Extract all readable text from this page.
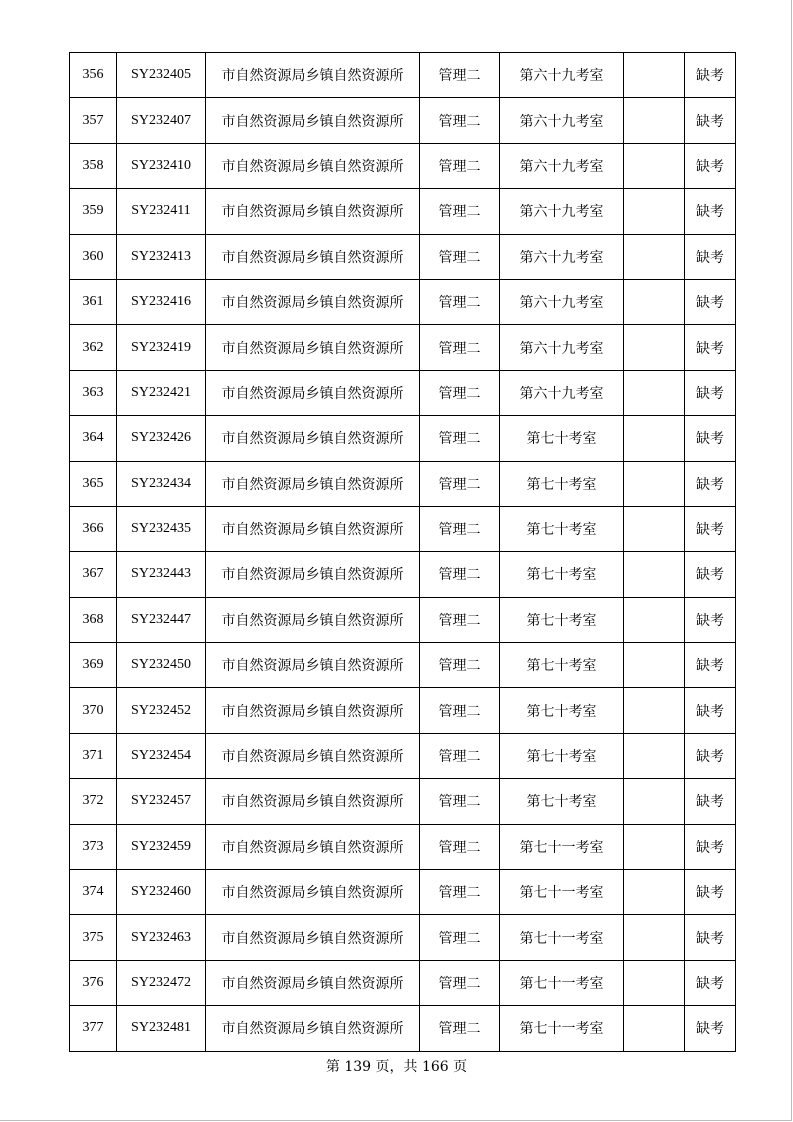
356	SY232405	市自然资源局乡镇自然资源所	管理二	第六十九考室		缺考
357	SY232407	市自然资源局乡镇自然资源所	管理二	第六十九考室		缺考
358	SY232410	市自然资源局乡镇自然资源所	管理二	第六十九考室		缺考
359	SY232411	市自然资源局乡镇自然资源所	管理二	第六十九考室		缺考
360	SY232413	市自然资源局乡镇自然资源所	管理二	第六十九考室		缺考
361	SY232416	市自然资源局乡镇自然资源所	管理二	第六十九考室		缺考
362	SY232419	市自然资源局乡镇自然资源所	管理二	第六十九考室		缺考
363	SY232421	市自然资源局乡镇自然资源所	管理二	第六十九考室		缺考
364	SY232426	市自然资源局乡镇自然资源所	管理二	第七十考室		缺考
365	SY232434	市自然资源局乡镇自然资源所	管理二	第七十考室		缺考
366	SY232435	市自然资源局乡镇自然资源所	管理二	第七十考室		缺考
367	SY232443	市自然资源局乡镇自然资源所	管理二	第七十考室		缺考
368	SY232447	市自然资源局乡镇自然资源所	管理二	第七十考室		缺考
369	SY232450	市自然资源局乡镇自然资源所	管理二	第七十考室		缺考
370	SY232452	市自然资源局乡镇自然资源所	管理二	第七十考室		缺考
371	SY232454	市自然资源局乡镇自然资源所	管理二	第七十考室		缺考
372	SY232457	市自然资源局乡镇自然资源所	管理二	第七十考室		缺考
373	SY232459	市自然资源局乡镇自然资源所	管理二	第七十一考室		缺考
374	SY232460	市自然资源局乡镇自然资源所	管理二	第七十一考室		缺考
375	SY232463	市自然资源局乡镇自然资源所	管理二	第七十一考室		缺考
376	SY232472	市自然资源局乡镇自然资源所	管理二	第七十一考室		缺考
377	SY232481	市自然资源局乡镇自然资源所	管理二	第七十一考室		缺考
第 139 页，共 166 页
